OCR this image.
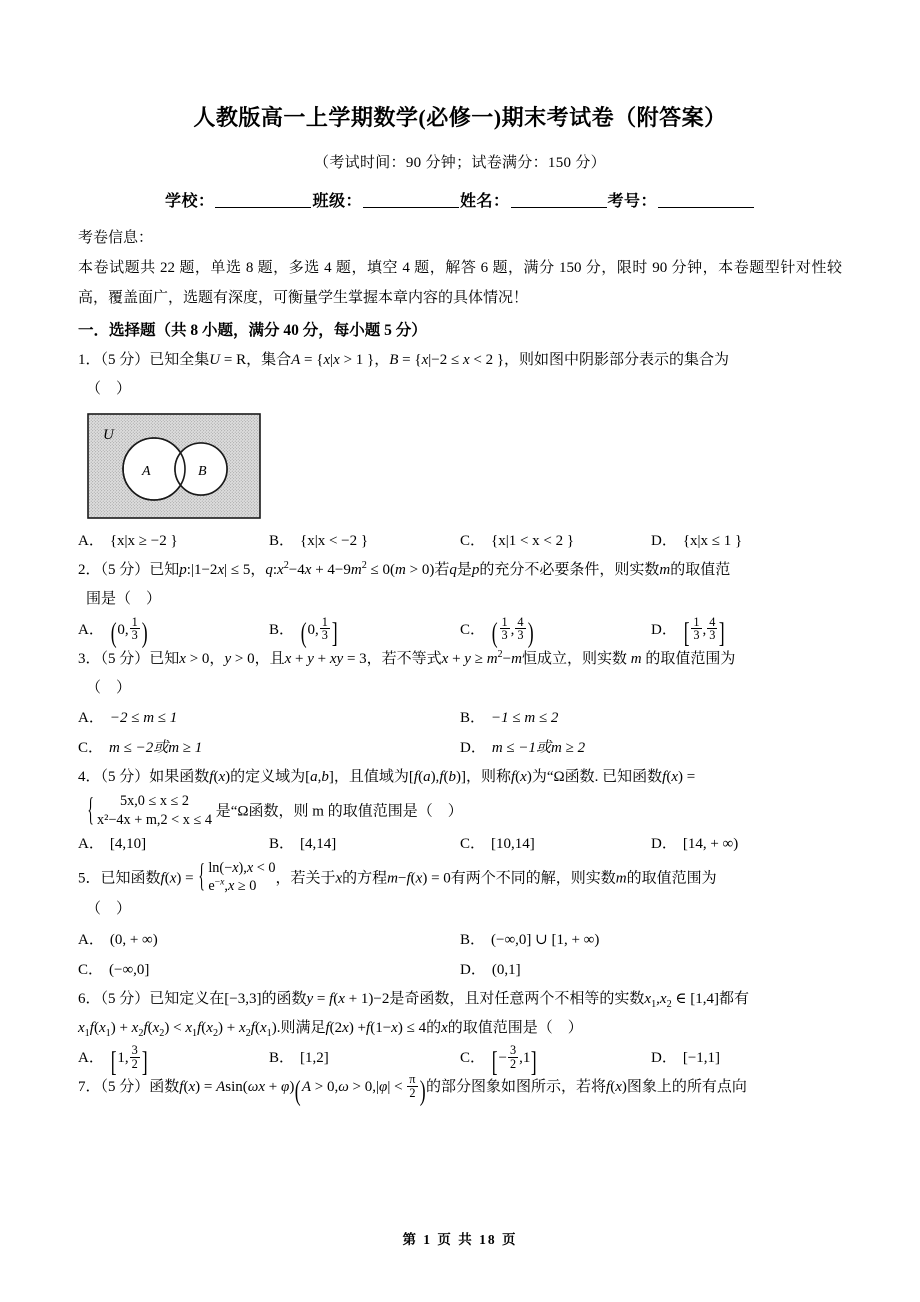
人教版高一上学期数学(必修一)期末考试卷（附答案）

（考试时间：90 分钟；试卷满分：150 分）

学校：	班级：	姓名：	考号：

考卷信息：

本卷试题共 22 题，单选 8 题，多选 4 题，填空 4 题，解答 6 题，满分 150 分，限时 90 分钟，本卷题型针对性较高，覆盖面广，选题有深度，可衡量学生掌握本章内容的具体情况！

一．选择题（共 8 小题，满分 40 分，每小题 5 分）

1．（5 分）已知全集U = R，集合A = {x|x > 1 }，B = {x|−2 ≤ x < 2 }，则如图中阴影部分表示的集合为

（　）

U
A	B
A． {x|x ≥ −2 }	B． {x|x < −2 }	C． {x|1 < x < 2 }	D． {x|x ≤ 1 }

2．（5 分）已知p:|1−2x| ≤ 5，$q:x^2-4x + 4-9m^2 \le 0(m > 0)$若q是p的充分不必要条件，则实数m的取值范

围是（　）

A． (0, $\frac{1}{3}$ )	B． (0, $\frac{1}{3}$ ]	C． ( $\frac{1}{3}$ , $\frac{4}{3}$ )	D． [ $\frac{1}{3}$ , $\frac{4}{3}$ ]

3．（5 分）已知x > 0，y > 0，且x + y + xy = 3，若不等式$x + y \ge m^2-m$恒成立，则实数 m 的取值范围为

（　）

A． −2 ≤ m ≤ 1	B． −1 ≤ m ≤ 2
C． m ≤ −2或m ≥ 1	D． m ≤ −1或m ≥ 2

4．（5 分）如果函数f(x)的定义域为[a,b]，且值域为[f(a),f(b)]，则称f(x)为“Ω函数. 已知函数f(x) =

{ 5x,0 ≤ x ≤ 2
x²−4x + m,2 < x ≤ 4 是“Ω函数，则 m 的取值范围是（　）

A． [4,10]	B． [4,14]	C． [10,14]	D． [14, + ∞)

5．已知函数f(x) =
{ ln(−x),x < 0
$e^{-x},x \ge 0$	，若关于x的方程m−f(x) = 0有两个不同的解，则实数m的取值范围为

（　）

A． (0, + ∞)	B． (−∞,0] ∪ [1, + ∞)
C． (−∞,0]	D． (0,1]

6．（5 分）已知定义在[−3,3]的函数y = f(x + 1)−2是奇函数，且对任意两个不相等的实数$x_1,x_2$ ∈ [1,4]都有

$x_1f(x_1) + x_2f(x_2) < x_1f(x_2) + x_2f(x_1)$.则满足f(2x) +f(1−x) ≤ 4的x的取值范围是（　）

A． [1, $\frac{3}{2}$ ]	B． [1,2]	C． [− $\frac{3}{2} ,1$]	D． [−1,1]

7．（5 分）函数$f(x) = Asin(\omega x + \varphi)(A > 0,\omega > 0,|\varphi| < \frac{\pi}{2}$ )的部分图象如图所示，若将f(x)图象上的所有点向

第 1 页 共 18 页
